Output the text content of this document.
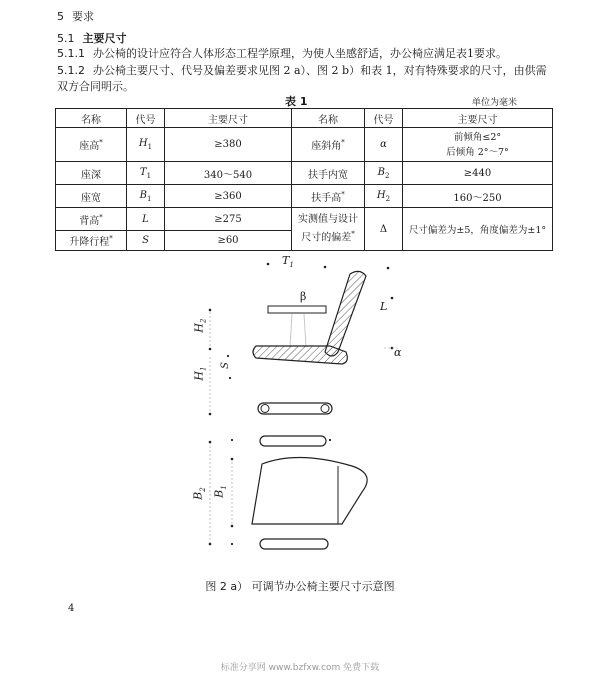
5 要求
5.1 主要尺寸
5.1.1 办公椅的设计应符合人体形态工程学原理，为使人坐感舒适，办公椅应满足表1要求。
5.1.2 办公椅主要尺寸、代号及偏差要求见图 2 a）、图 2 b）和表 1，对有特殊要求的尺寸，由供需
双方合同明示。
表 1	单位为毫米
名称	代号	主要尺寸	名称	代号	主要尺寸
座高*	$H_1$	≥380	座斜角*	α	前倾角≤2°
后倾角 2°～7°

座深	$T_1$	340～540	扶手内宽	$B_2$	≥440
座宽	$B_1$	≥360	扶手高*	$H_2$	160～250
背高*	L	≥275	实测值与设计
尺寸的偏差*	Δ	尺寸偏差为±5，角度偏差为±1°
升降行程*	S	≥60			
$T_1$
β
L
α
$H_2$
$H_1$ S
$B_2$
$B_1$
图 2 a） 可调节办公椅主要尺寸示意图
4
标准分享网 www.bzfxw.com 免费下载
